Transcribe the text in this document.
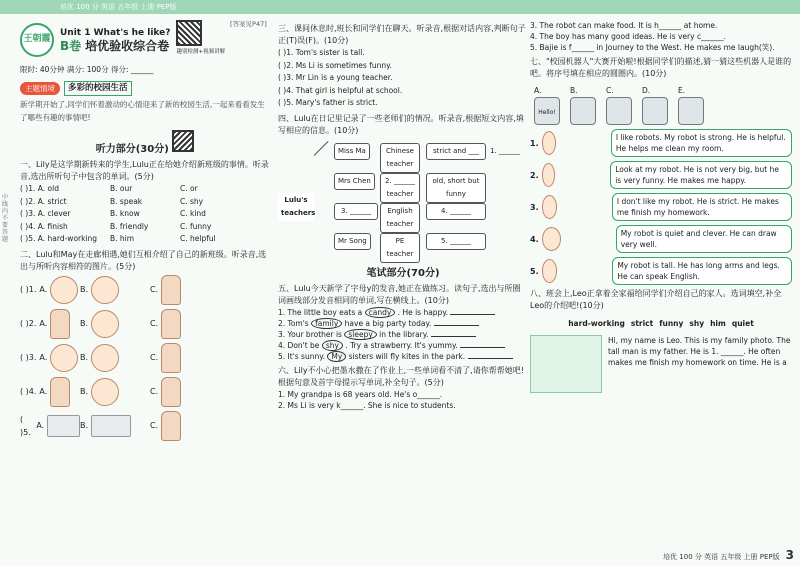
培优 100 分 英语 五年级 上册 PEP版
中 线 内 不 要 答 题
[答案见P47]
王朝霞
Unit 1 What's he like?
B卷 培优验收综合卷 趣别检测+视频讲解
限时: 40分钟 满分: 100分 得分: ______
主题情境	多彩的校园生活
新学期开始了,同学们怀着激动的心情迎来了新的校园生活,一起来看看发生了哪些有趣的事情吧!
听力部分(30分)
一、Lily是这学期新转来的学生,Lulu正在给她介绍新班级的事情。听录音,选出所听句子中包含的单词。(5分)
( )1. A. old	B. our	C. or
( )2. A. strict	B. speak	C. shy
( )3. A. clever	B. know	C. kind
( )4. A. finish	B. friendly	C. funny
( )5. A. hard-working	B. him	C. helpful
二、Lulu和May在走廊相遇,她们互相介绍了自己的新班级。听录音,选出与所听内容相符的图片。(5分)
( )1. A.	B.	C.
( )2. A.	B.	C.
( )3. A.	B.	C.
( )4. A.	B.	C.
( )5.
A.	B.	C.
三、课间休息时,班长和同学们在聊天。听录音,根据对话内容,判断句子正(T)误(F)。(10分)
( )1. Tom's sister is tall.
( )2. Ms Li is sometimes funny.
( )3. Mr Lin is a young teacher.
( )4. That girl is helpful at school.
( )5. Mary's father is strict.
四、Lulu在日记里记录了一些老师们的情况。听录音,根据短文内容,填写相应的信息。(10分)
Lulu's teachers
Miss Ma	Chinese teacher
strict and ___
Mrs Chen	2. ______ teacher
old, short but funny
3. ______	English teacher
4. ______
Mr Song	PE teacher
5. ______
1. ______
笔试部分(70分)
五、Lulu今天新学了字母y的发音,她正在做练习。读句子,选出与所圈词画线部分发音相同的单词,写在横线上。(10分)
1. The little boy eats a candy . He is happy.
2. Tom's family have a big party today.
3. Your brother is sleepy in the library.
4. Don't be shy . Try a strawberry. It's yummy.
5. It's sunny. My sisters will fly kites in the park.
六、Lily不小心把墨水撒在了作业上,一些单词看不清了,请你帮帮她吧!根据句意及首字母提示写单词,补全句子。(5分)
1. My grandpa is 68 years old. He's o______.
2. Ms Li is very k______. She is nice to students.
3. The robot can make food. It is h______ at home.
4. The boy has many good ideas. He is very c______.
5. Bajie is f______ in Journey to the West. He makes me laugh(笑).
七、"校园机器人"大赛开始啦!根据同学们的描述,猜一猜这些机器人是谁的吧。将序号填在相应的圆圈内。(10分)
A.
Hello!
B.	C.	D.	E.
1.
I like robots. My robot is strong. He is helpful. He helps me clean my room.
2.
Look at my robot. He is not very big, but he is very funny. He makes me happy.
3.
I don't like my robot. He is strict. He makes me finish my homework.
4.
My robot is quiet and clever. He can draw very well.
5.
My robot is tall. He has long arms and legs. He can speak English.
八、班会上,Leo正拿着全家福给同学们介绍自己的家人。选词填空,补全Leo的介绍吧!(10分)
hard-working strict funny shy him quiet
Hi, my name is Leo. This is my family photo. The tall man is my father. He is 1. ______. He often makes me finish my homework on time. He is a
培优 100 分 英语 五年级 上册 PEP版 3
